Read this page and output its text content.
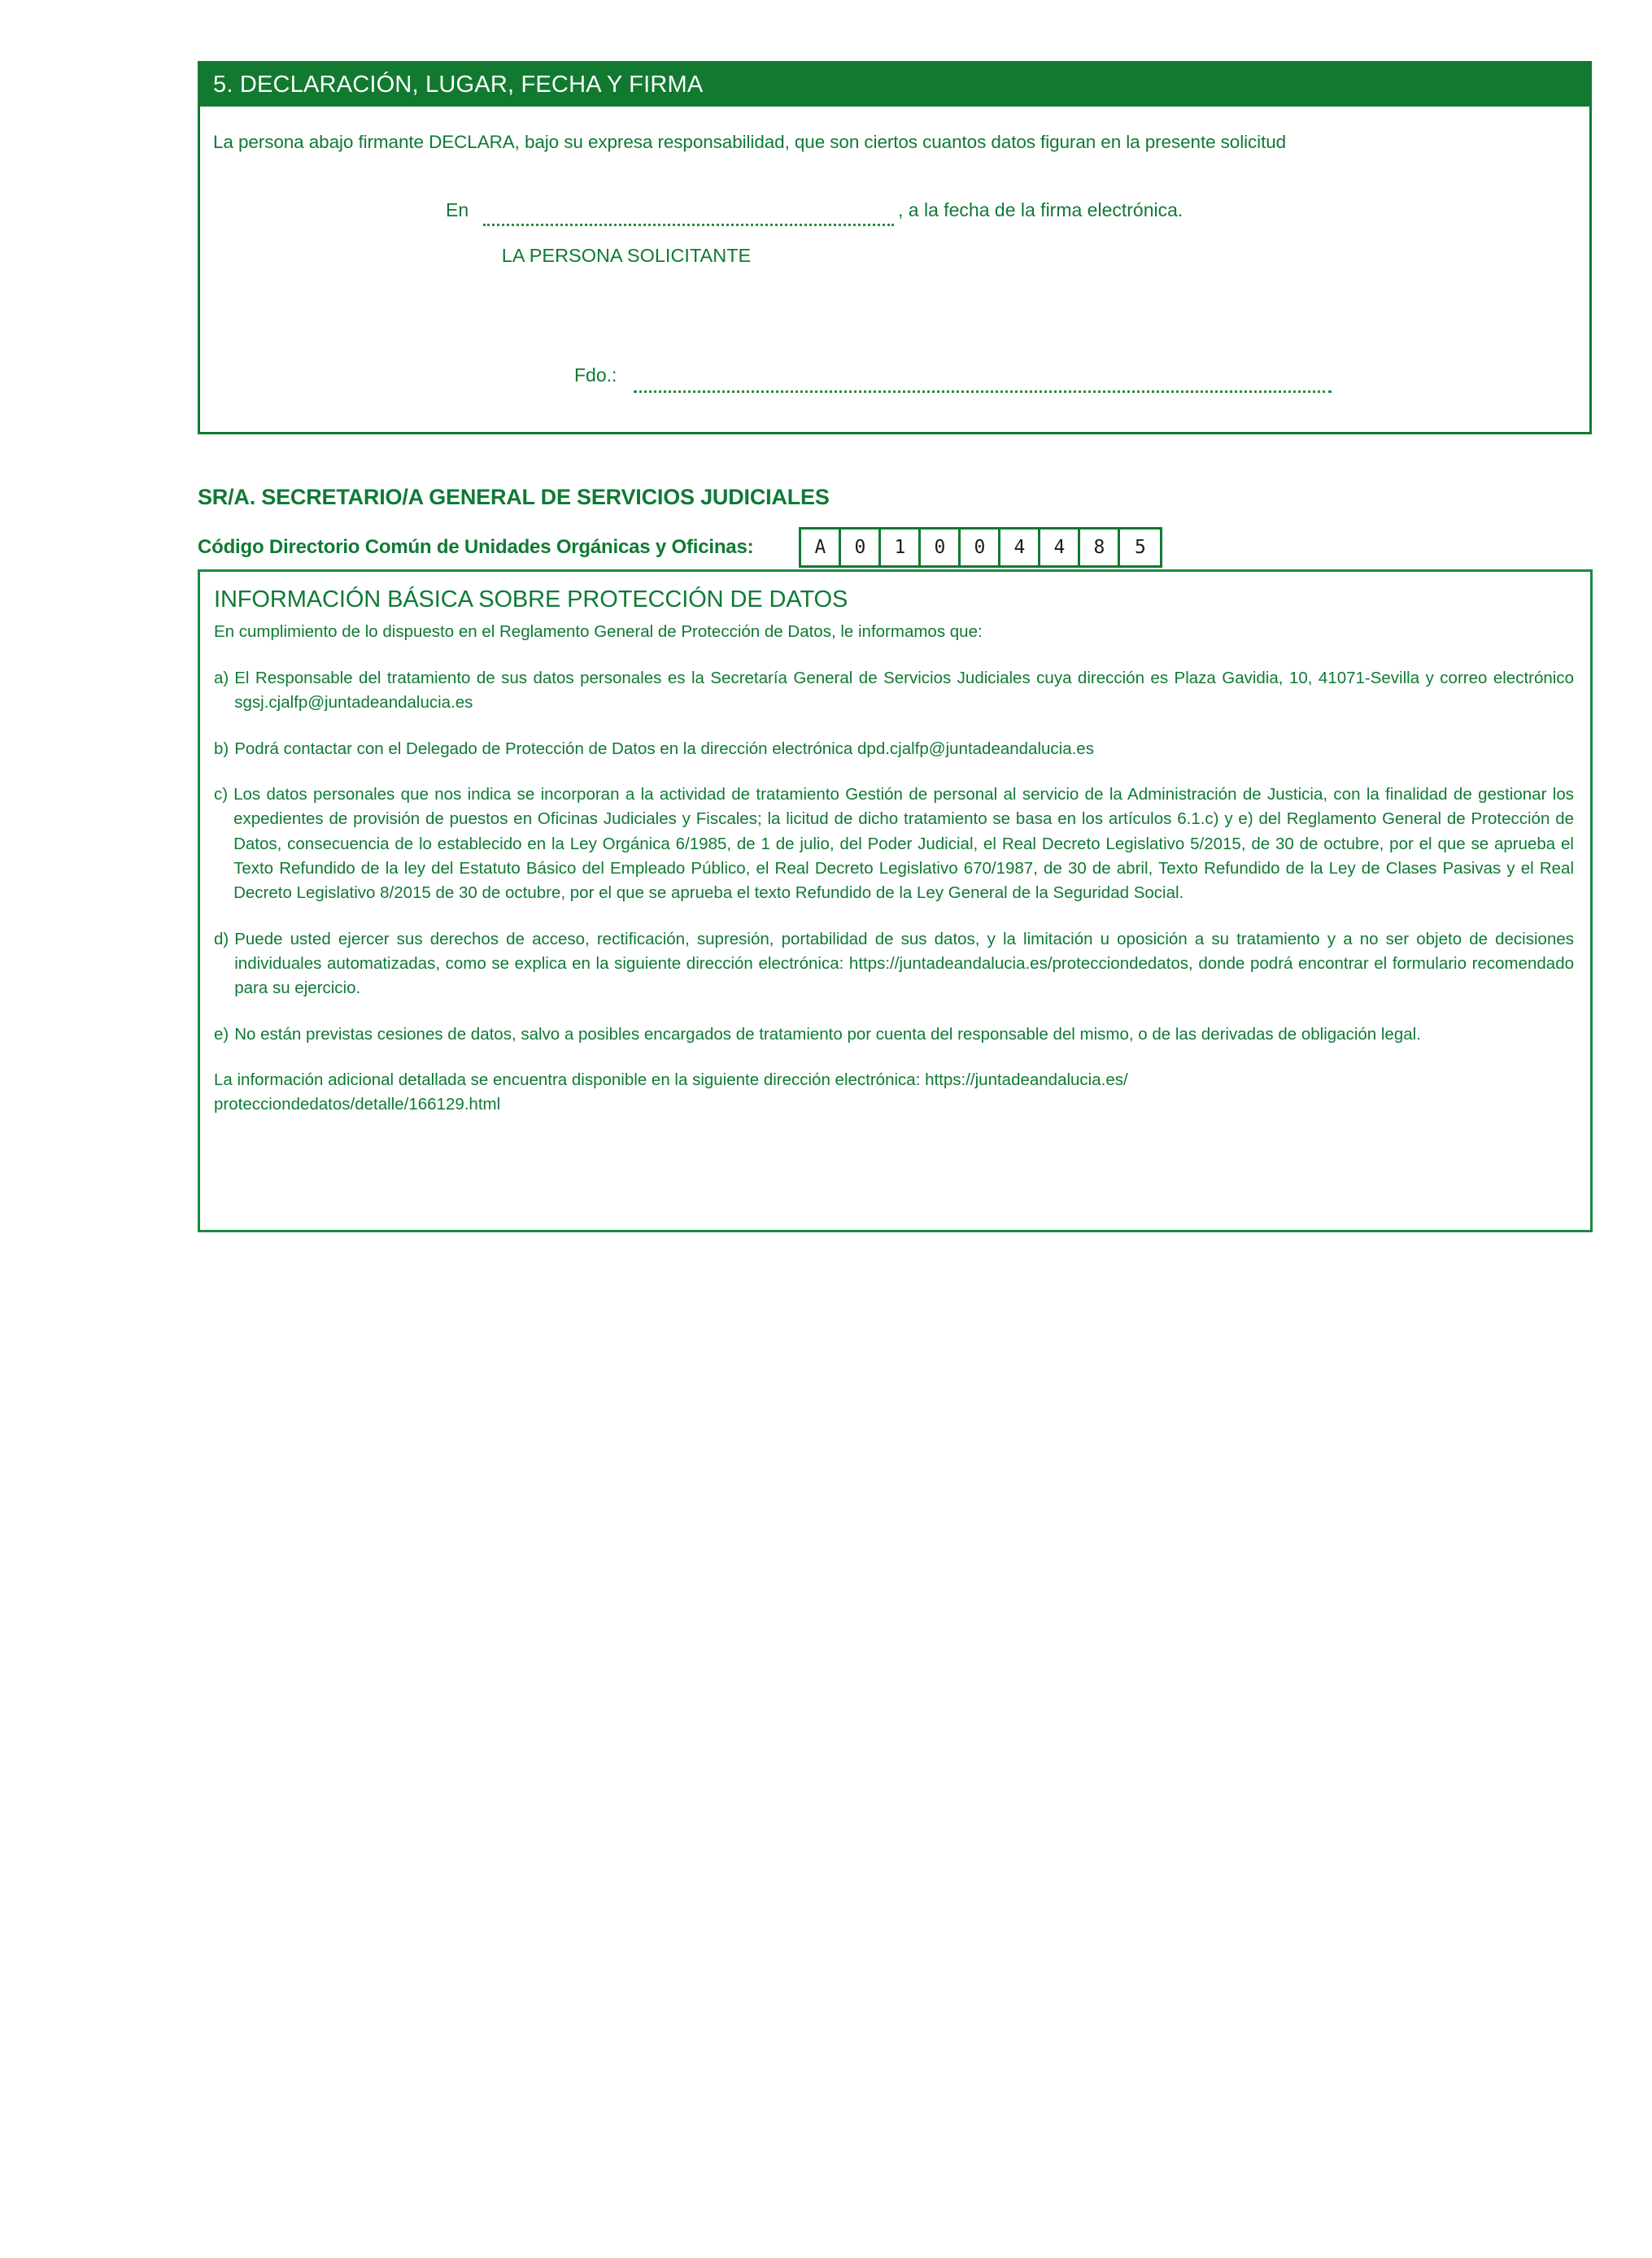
5. DECLARACIÓN, LUGAR, FECHA Y FIRMA
La persona abajo firmante DECLARA, bajo su expresa responsabilidad, que son ciertos cuantos datos figuran en la presente solicitud
En	, a la fecha de la firma electrónica.
LA PERSONA SOLICITANTE
Fdo.:
SR/A. SECRETARIO/A GENERAL DE SERVICIOS JUDICIALES
Código Directorio Común de Unidades Orgánicas y Oficinas:	A	0	1	0	0	4	4	8	5
INFORMACIÓN BÁSICA SOBRE PROTECCIÓN DE DATOS
En cumplimiento de lo dispuesto en el Reglamento General de Protección de Datos, le informamos que:
a) El Responsable del tratamiento de sus datos personales es la Secretaría General de Servicios Judiciales cuya dirección es Plaza Gavidia, 10, 41071-Sevilla y correo electrónico sgsj.cjalfp@juntadeandalucia.es
b) Podrá contactar con el Delegado de Protección de Datos en la dirección electrónica dpd.cjalfp@juntadeandalucia.es
c) Los datos personales que nos indica se incorporan a la actividad de tratamiento Gestión de personal al servicio de la Administración de Justicia, con la finalidad de gestionar los expedientes de provisión de puestos en Oficinas Judiciales y Fiscales; la licitud de dicho tratamiento se basa en los artículos 6.1.c) y e) del Reglamento General de Protección de Datos, consecuencia de lo establecido en la Ley Orgánica 6/1985, de 1 de julio, del Poder Judicial, el Real Decreto Legislativo 5/2015, de 30 de octubre, por el que se aprueba el Texto Refundido de la ley del Estatuto Básico del Empleado Público, el Real Decreto Legislativo 670/1987, de 30 de abril, Texto Refundido de la Ley de Clases Pasivas y el Real Decreto Legislativo 8/2015 de 30 de octubre, por el que se aprueba el texto Refundido de la Ley General de la Seguridad Social.
d) Puede usted ejercer sus derechos de acceso, rectificación, supresión, portabilidad de sus datos, y la limitación u oposición a su tratamiento y a no ser objeto de decisiones individuales automatizadas, como se explica en la siguiente dirección electrónica: https://juntadeandalucia.es/protecciondedatos, donde podrá encontrar el formulario recomendado para su ejercicio.
e) No están previstas cesiones de datos, salvo a posibles encargados de tratamiento por cuenta del responsable del mismo, o de las derivadas de obligación legal.

La información adicional detallada se encuentra disponible en la siguiente dirección electrónica: https://juntadeandalucia.es/
protecciondedatos/detalle/166129.html
